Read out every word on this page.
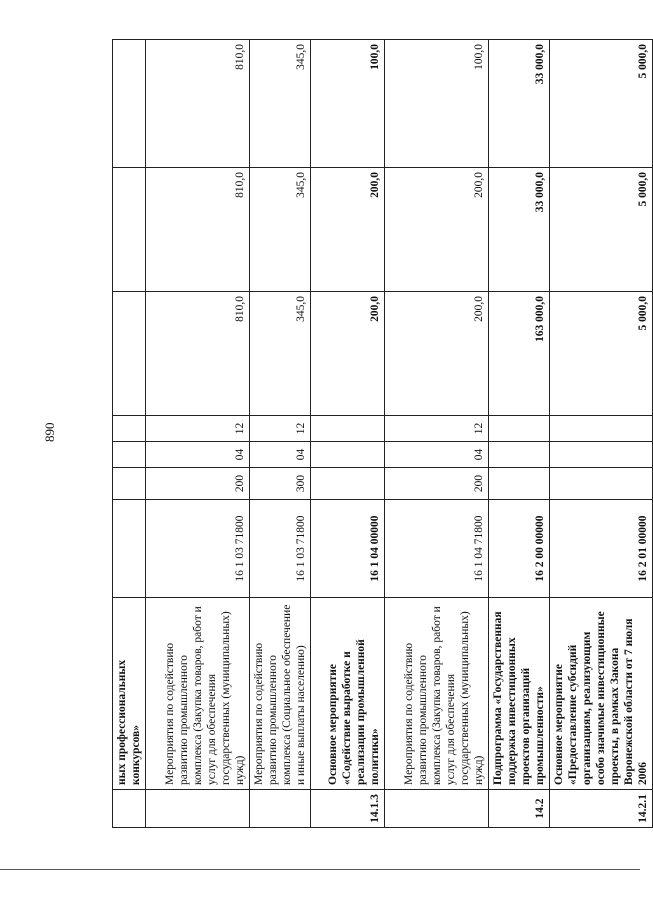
890
	ных профессиональных конкурсов»							
	Мероприятия по содействию развитию промышленного комплекса (Закупка товаров, работ и услуг для обеспечения государственных (муниципальных) нужд)	16 1 03 71800	200	04	12	810,0	810,0	810,0
	Мероприятия по содействию развитию промышленного комплекса (Социальное обеспечение и иные выплаты населению)	16 1 03 71800	300	04	12	345,0	345,0	345,0
14.1.3	Основное мероприятие «Содействие выработке и реализации промышленной политики»	16 1 04 00000				200,0	200,0	100,0
	Мероприятия по содействию развитию промышленного комплекса (Закупка товаров, работ и услуг для обеспечения государственных (муниципальных) нужд)	16 1 04 71800	200	04	12	200,0	200,0	100,0
14.2	Подпрограмма «Государственная поддержка инвестиционных проектов организаций промышленности»	16 2 00 00000				163 000,0	33 000,0	33 000,0
14.2.1	Основное мероприятие «Предоставление субсидий организациям, реализующим особо значимые инвестиционные проекты, в рамках Закона Воронежской области от 7 июля 2006	16 2 01 00000				5 000,0	5 000,0	5 000,0
